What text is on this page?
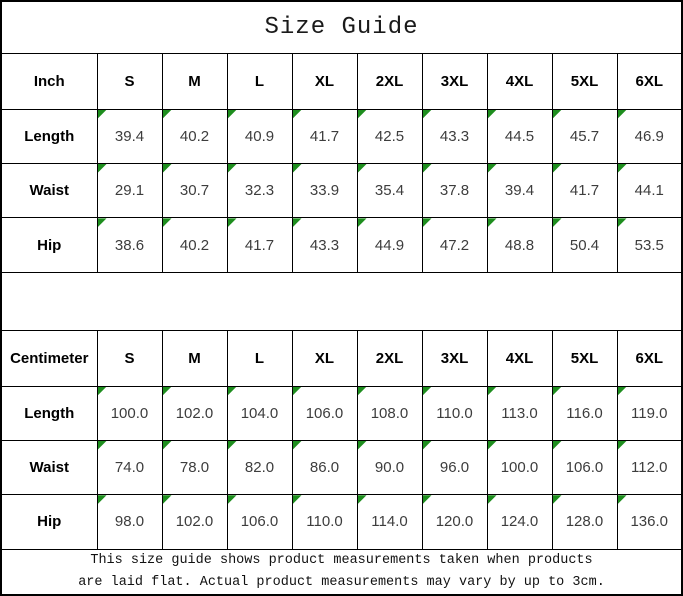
Size Guide									
Inch	S	M	L	XL	2XL	3XL	4XL	5XL	6XL
Length	39.4	40.2	40.9	41.7	42.5	43.3	44.5	45.7	46.9
Waist	29.1	30.7	32.3	33.9	35.4	37.8	39.4	41.7	44.1
Hip	38.6	40.2	41.7	43.3	44.9	47.2	48.8	50.4	53.5

Centimeter	S	M	L	XL	2XL	3XL	4XL	5XL	6XL
Length	100.0	102.0	104.0	106.0	108.0	110.0	113.0	116.0	119.0
Waist	74.0	78.0	82.0	86.0	90.0	96.0	100.0	106.0	112.0
Hip	98.0	102.0	106.0	110.0	114.0	120.0	124.0	128.0	136.0

This size guide shows product measurements taken when products
are laid flat. Actual product measurements may vary by up to 3cm.									
